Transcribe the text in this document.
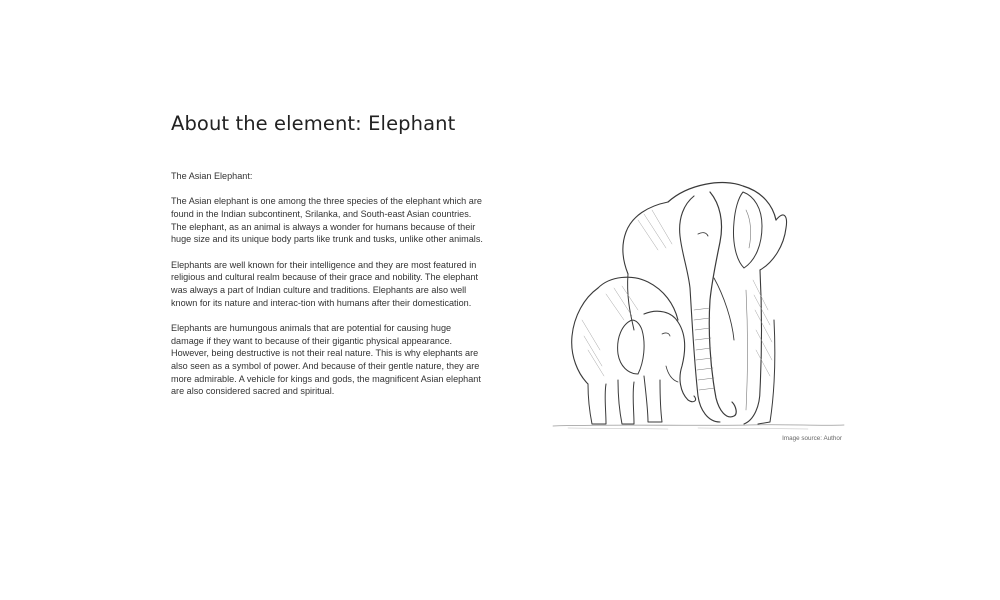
About the element: Elephant

The Asian Elephant:

The Asian elephant is one among the three species of the elephant which are found in the Indian subcontinent, Srilanka, and South-east Asian countries. The elephant, as an animal is always a wonder for humans because of their huge size and its unique body parts like trunk and tusks, unlike other animals.

Elephants are well known for their intelligence and they are most featured in religious and cultural realm because of their grace and nobility. The elephant was always a part of Indian culture and traditions. Elephants are also well known for its nature and interac-tion with humans after their domestication.

Elephants are humungous animals that are potential for causing huge damage if they want to because of their gigantic physical appearance. However, being destructive is not their real nature. This is why elephants are also seen as a symbol of power. And because of their gentle nature, they are more admirable. A vehicle for kings and gods, the magnificent Asian elephant are also considered sacred and spiritual.

Image source: Author
